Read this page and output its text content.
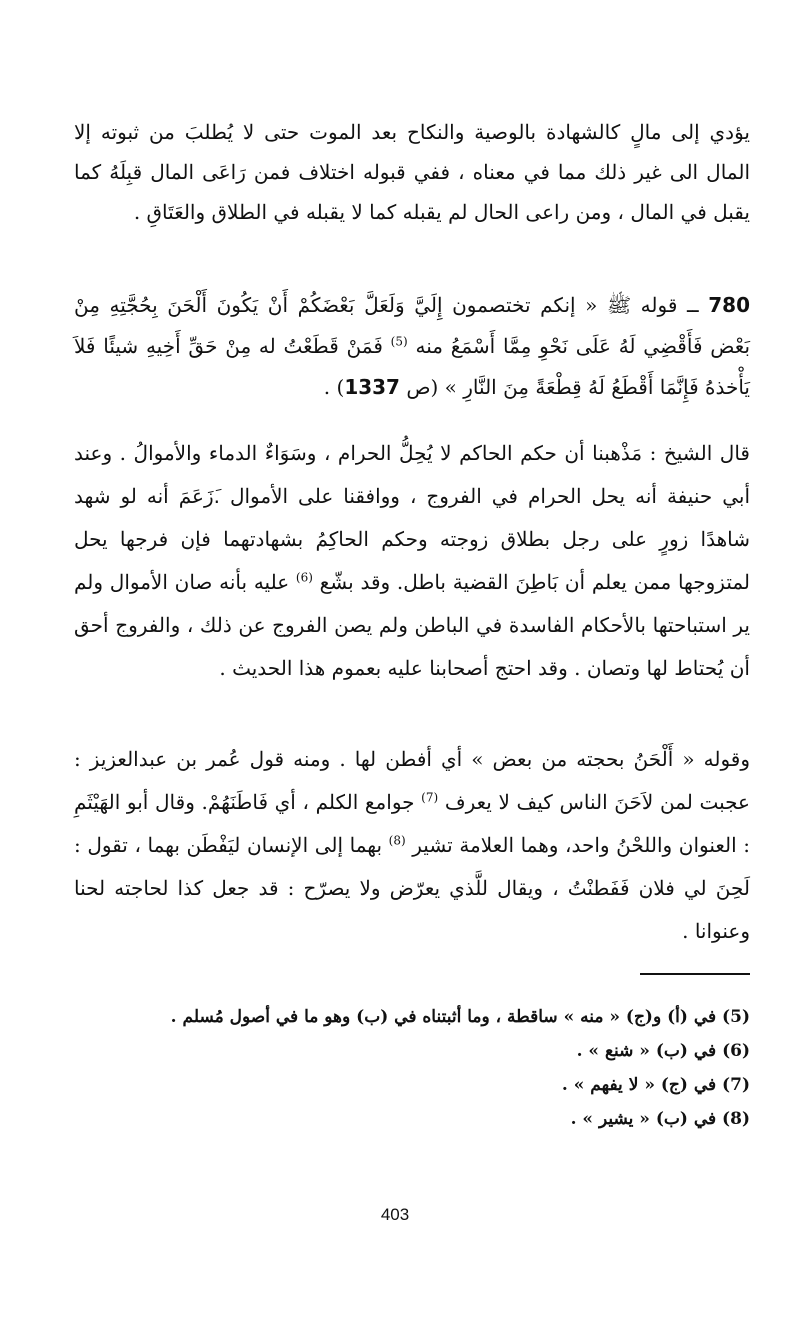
يؤدي إلى مالٍ كالشهادة بالوصية والنكاح بعد الموت حتى لا يُطلبَ من ثبوته إلا المال الى غير ذلك مما في معناه ، ففي قبوله اختلاف فمن رَاعَى المال قبِلَهُ كما يقبل في المال ، ومن راعى الحال لم يقبله كما لا يقبله في الطلاق والعَتَاقِ .

780 ــ قوله ﷺ « إنكم تختصمون إِلَيَّ وَلَعَلَّ بَعْضَكُمْ أَنْ يَكُونَ أَلْحَنَ بِحُجَّتِهِ مِنْ بَعْض فَأَقْضِي لَهُ عَلَى نَحْوِ مِمَّا أَسْمَعُ منه $^{(5)}$ فَمَنْ قَطَعْتُ له مِنْ حَقِّ أَخِيهِ شيئًا فَلاَ يَأْخذهُ فَإِنَّمَا أَقْطَعُ لَهُ قِطْعَةً مِنَ النَّارِ » (ص 1337) .

قال الشيخ : مَذْهبنا أن حكم الحاكم لا يُحِلُّ الحرام ، وسَوَاءٌ الدماء والأموالُ . وعند أبي حنيفة أنه يحل الحرام في الفروج ، ووافقنا على الأموال .َزَعَمَ أنه لو شهد شاهدًا زورٍ على رجل بطلاق زوجته وحكم الحاكِمُ بشهادتهما فإن فرجها يحل لمتزوجها ممن يعلم أن بَاطِنَ القضية باطل. وقد بشّع $^{(6)}$ عليه بأنه صان الأموال ولم ير استباحتها بالأحكام الفاسدة في الباطن ولم يصن الفروج عن ذلك ، والفروج أحق أن يُحتاط لها وتصان . وقد احتج أصحابنا عليه بعموم هذا الحديث .

وقوله « أَلْحَنُ بحجته من بعض » أي أفطن لها . ومنه قول عُمر بن عبدالعزيز : عجبت لمن لاَحَنَ الناس كيف لا يعرف $^{(7)}$ جوامع الكلم ، أي فَاطَنَهُمْ. وقال أبو الهَيْثَمِ : العنوان واللحْنُ واحد، وهما العلامة تشير $^{(8)}$ بهما إلى الإنسان ليَفْطَن بهما ، تقول : لَحِنَ لي فلان فَفَطنْتُ ، ويقال للَّذي يعرّض ولا يصرّح : قد جعل كذا لحاجته لحنا وعنوانا .

(5) في (أ) و(ج) « منه » ساقطة ، وما أثبتناه في (ب) وهو ما في أصول مُسلم .

(6) في (ب) « شنع » .

(7) في (ج) « لا يفهم » .

(8) في (ب) « يشير » .

403
